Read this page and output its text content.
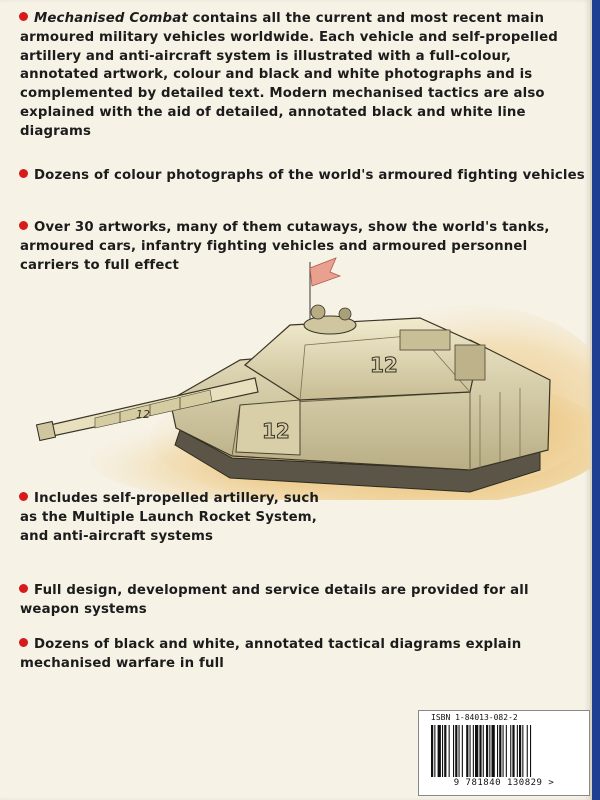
Mechanised Combat contains all the current and most recent main armoured military vehicles worldwide. Each vehicle and self-propelled artillery and anti-aircraft system is illustrated with a full-colour, annotated artwork, colour and black and white photographs and is complemented by detailed text. Modern mechanised tactics are also explained with the aid of detailed, annotated black and white line diagrams
Dozens of colour photographs of the world's armoured fighting vehicles
Over 30 artworks, many of them cutaways, show the world's tanks, armoured cars, infantry fighting vehicles and armoured personnel carriers to full effect
12
12
12
Includes self-propelled artillery, such as the Multiple Launch Rocket System, and anti-aircraft systems
Full design, development and service details are provided for all weapon systems
Dozens of black and white, annotated tactical diagrams explain mechanised warfare in full
ISBN 1-84013-082-2
9 781840 130829 >
